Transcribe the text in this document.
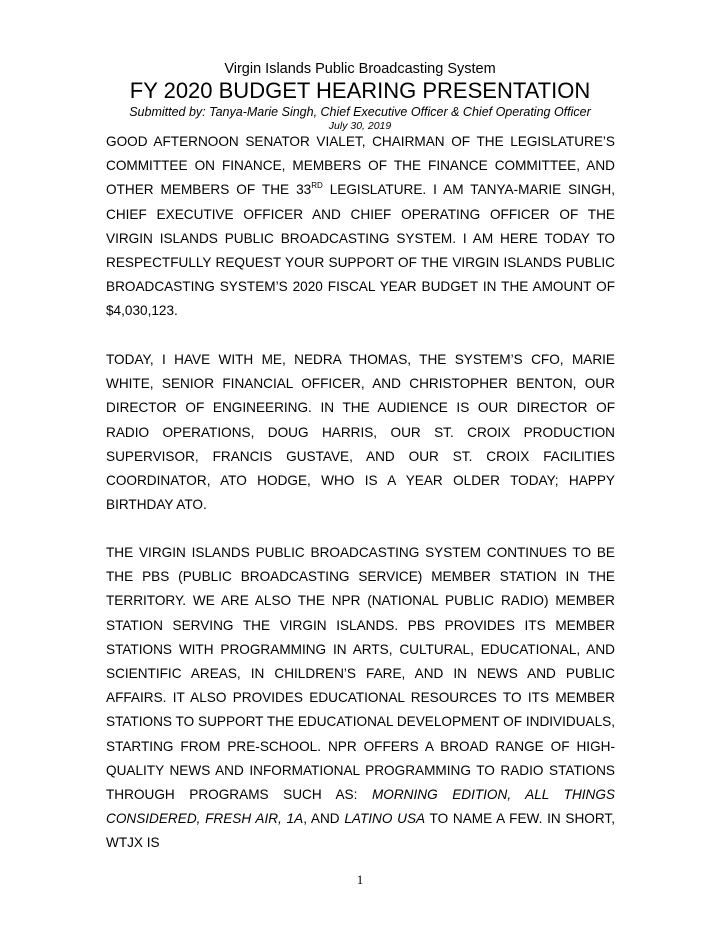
Virgin Islands Public Broadcasting System
FY 2020 BUDGET HEARING PRESENTATION
Submitted by: Tanya-Marie Singh, Chief Executive Officer & Chief Operating Officer
July 30, 2019
GOOD AFTERNOON SENATOR VIALET, CHAIRMAN OF THE LEGISLATURE’S COMMITTEE ON FINANCE, MEMBERS OF THE FINANCE COMMITTEE, AND OTHER MEMBERS OF THE 33RD LEGISLATURE. I AM TANYA-MARIE SINGH, CHIEF EXECUTIVE OFFICER AND CHIEF OPERATING OFFICER OF THE VIRGIN ISLANDS PUBLIC BROADCASTING SYSTEM. I AM HERE TODAY TO RESPECTFULLY REQUEST YOUR SUPPORT OF THE VIRGIN ISLANDS PUBLIC BROADCASTING SYSTEM’S 2020 FISCAL YEAR BUDGET IN THE AMOUNT OF $4,030,123.
TODAY, I HAVE WITH ME, NEDRA THOMAS, THE SYSTEM’S CFO, MARIE WHITE, SENIOR FINANCIAL OFFICER, AND CHRISTOPHER BENTON, OUR DIRECTOR OF ENGINEERING. IN THE AUDIENCE IS OUR DIRECTOR OF RADIO OPERATIONS, DOUG HARRIS, OUR ST. CROIX PRODUCTION SUPERVISOR, FRANCIS GUSTAVE, AND OUR ST. CROIX FACILITIES COORDINATOR, ATO HODGE, WHO IS A YEAR OLDER TODAY; HAPPY BIRTHDAY ATO.
THE VIRGIN ISLANDS PUBLIC BROADCASTING SYSTEM CONTINUES TO BE THE PBS (PUBLIC BROADCASTING SERVICE) MEMBER STATION IN THE TERRITORY. WE ARE ALSO THE NPR (NATIONAL PUBLIC RADIO) MEMBER STATION SERVING THE VIRGIN ISLANDS. PBS PROVIDES ITS MEMBER STATIONS WITH PROGRAMMING IN ARTS, CULTURAL, EDUCATIONAL, AND SCIENTIFIC AREAS, IN CHILDREN’S FARE, AND IN NEWS AND PUBLIC AFFAIRS. IT ALSO PROVIDES EDUCATIONAL RESOURCES TO ITS MEMBER STATIONS TO SUPPORT THE EDUCATIONAL DEVELOPMENT OF INDIVIDUALS, STARTING FROM PRE-SCHOOL. NPR OFFERS A BROAD RANGE OF HIGH-QUALITY NEWS AND INFORMATIONAL PROGRAMMING TO RADIO STATIONS THROUGH PROGRAMS SUCH AS: MORNING EDITION, ALL THINGS CONSIDERED, FRESH AIR, 1A, AND LATINO USA TO NAME A FEW. IN SHORT, WTJX IS
1
